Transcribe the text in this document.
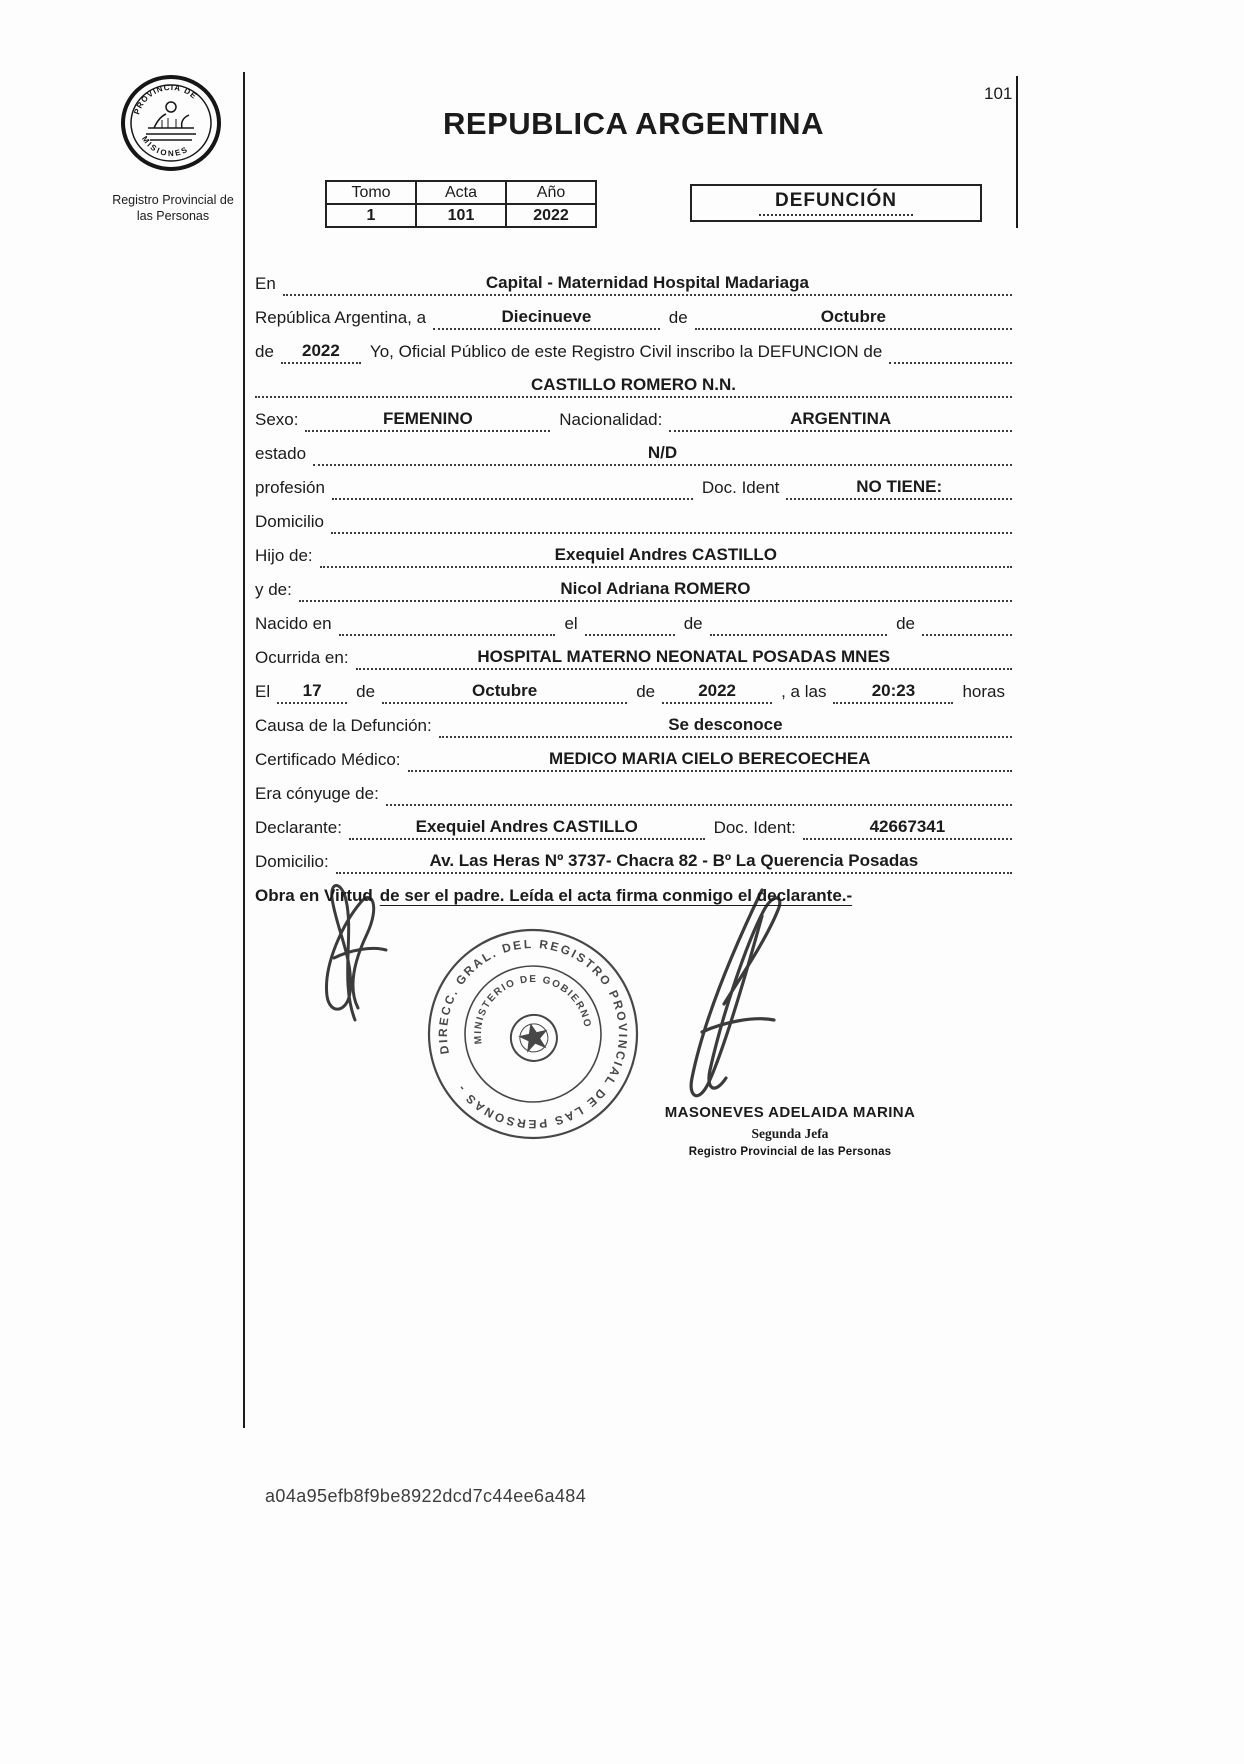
101
REPUBLICA ARGENTINA
PROVINCIA DE
MISIONES
Registro Provincial de
las Personas
Tomo	Acta	Año
1	101	2022
DEFUNCIÓN
En	Capital - Maternidad Hospital Madariaga
República Argentina, a	Diecinueve	de	Octubre
de	2022	Yo, Oficial Público de este Registro Civil inscribo la DEFUNCION de
CASTILLO ROMERO N.N.
Sexo:	FEMENINO	Nacionalidad:	ARGENTINA
estado	N/D
profesión	Doc. Ident	NO TIENE:
Domicilio
Hijo de:	Exequiel Andres CASTILLO
y de:	Nicol Adriana ROMERO
Nacido en	el	de	de
Ocurrida en:	HOSPITAL MATERNO NEONATAL POSADAS MNES
El	17	de	Octubre	de	2022	, a las	20:23	horas
Causa de la Defunción:	Se desconoce
Certificado Médico:	MEDICO MARIA CIELO BERECOECHEA
Era cónyuge de:
Declarante:	Exequiel Andres CASTILLO	Doc. Ident:	42667341
Domicilio:	Av. Las Heras Nº 3737- Chacra 82 - Bº La Querencia Posadas
Obra en Virtud de ser el padre. Leída el acta firma conmigo el declarante.-
DIRECC. GRAL. DEL REGISTRO PROVINCIAL DE LAS PERSONAS -
MINISTERIO DE GOBIERNO
MASONEVES ADELAIDA MARINA
Segunda Jefa
Registro Provincial de las Personas
a04a95efb8f9be8922dcd7c44ee6a484
